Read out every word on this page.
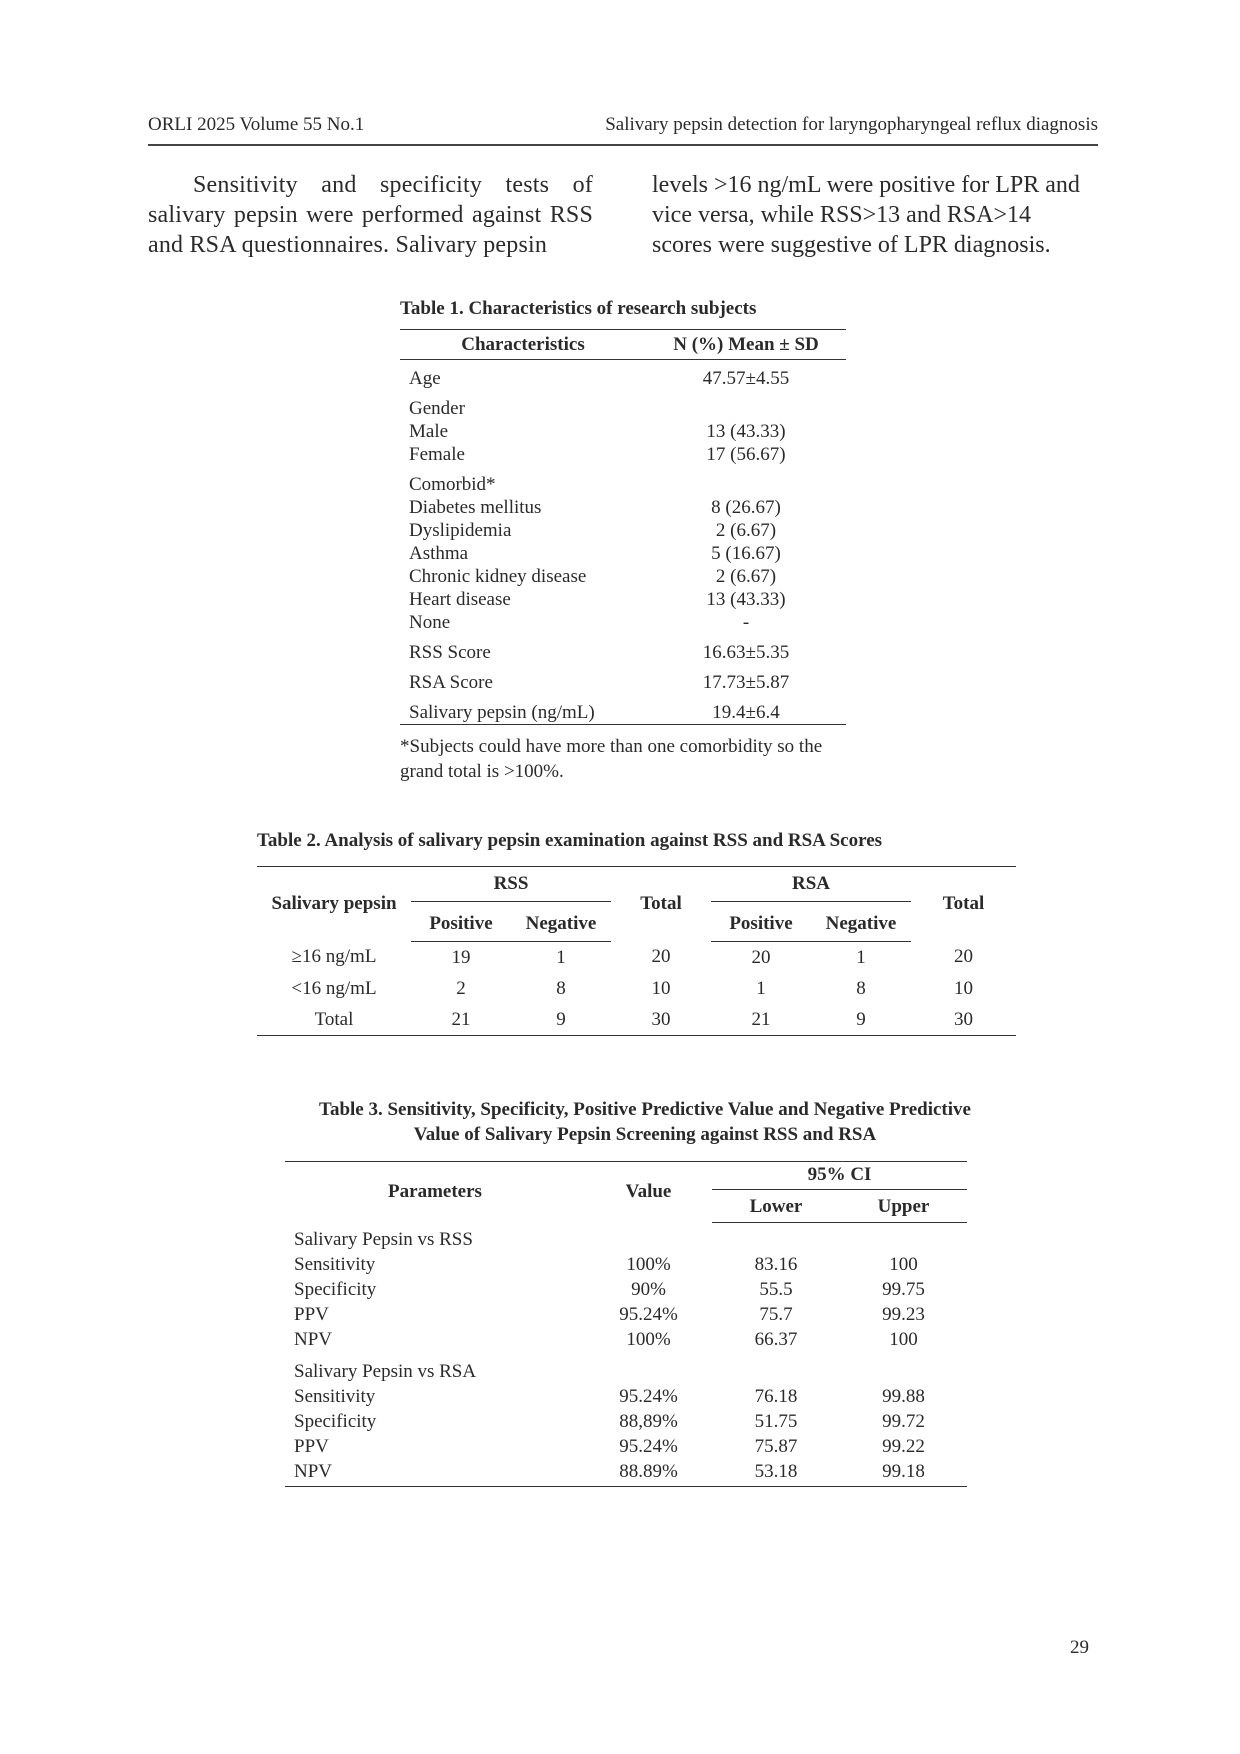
ORLI 2025 Volume 55 No.1	Salivary pepsin detection for laryngopharyngeal reflux diagnosis

Sensitivity and specificity tests of salivary pepsin were performed against RSS and RSA questionnaires. Salivary pepsin

levels >16 ng/mL were positive for LPR and vice versa, while RSS>13 and RSA>14 scores were suggestive of LPR diagnosis.

Table 1. Characteristics of research subjects
Characteristics	N (%) Mean ± SD
Age	47.57±4.55
Gender	
Male	13 (43.33)
Female	17 (56.67)
Comorbid*	
Diabetes mellitus	8 (26.67)
Dyslipidemia	2 (6.67)
Asthma	5 (16.67)
Chronic kidney disease	2 (6.67)
Heart disease	13 (43.33)
None	-
RSS Score	16.63±5.35
RSA Score	17.73±5.87
Salivary pepsin (ng/mL)	19.4±6.4
*Subjects could have more than one comorbidity so the grand total is >100%.
Table 2. Analysis of salivary pepsin examination against RSS and RSA Scores
Salivary pepsin	RSS		Total	RSA		Total
	Positive	Negative		Positive	Negative	
≥16 ng/mL	19	1	20	20	1	20
<16 ng/mL	2	8	10	1	8	10
Total	21	9	30	21	9	30
Table 3. Sensitivity, Specificity, Positive Predictive Value and Negative Predictive
Value of Salivary Pepsin Screening against RSS and RSA
Parameters	Value	95% CI	
		Lower	Upper
Salivary Pepsin vs RSS			
Sensitivity	100%	83.16	100
Specificity	90%	55.5	99.75
PPV	95.24%	75.7	99.23
NPV	100%	66.37	100
Salivary Pepsin vs RSA			
Sensitivity	95.24%	76.18	99.88
Specificity	88,89%	51.75	99.72
PPV	95.24%	75.87	99.22
NPV	88.89%	53.18	99.18
29
